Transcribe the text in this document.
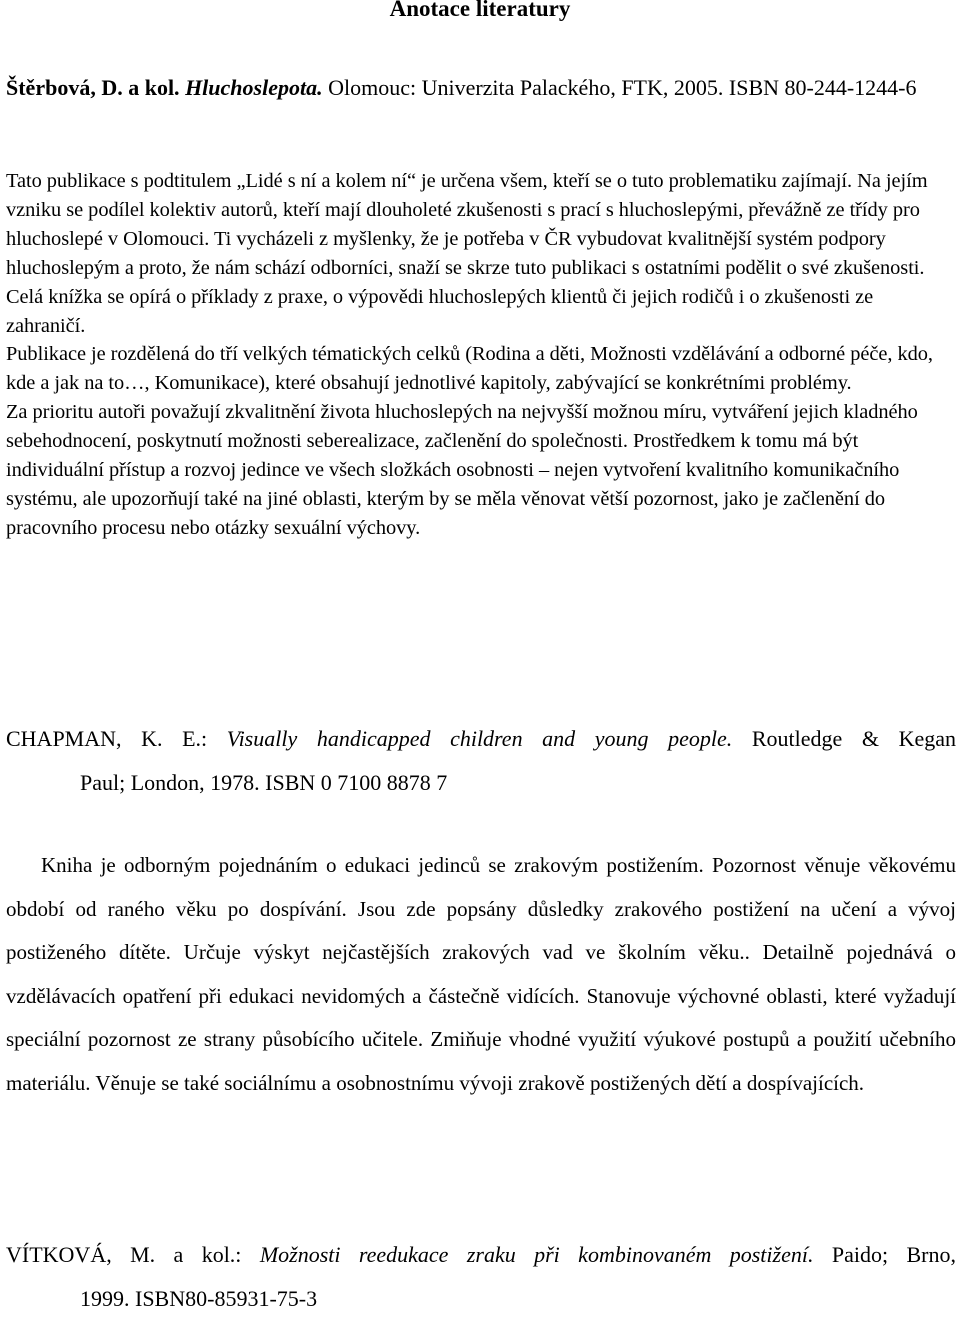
Anotace literatury
Štěrbová, D. a kol. Hluchoslepota. Olomouc: Univerzita Palackého, FTK, 2005. ISBN 80-244-1244-6

Tato publikace s podtitulem „Lidé s ní a kolem ní“ je určena všem, kteří se o tuto problematiku zajímají. Na jejím vzniku se podílel kolektiv autorů, kteří mají dlouholeté zkušenosti s prací s hluchoslepými, převážně ze třídy pro hluchoslepé v Olomouci. Ti vycházeli z myšlenky, že je potřeba v ČR vybudovat kvalitnější systém podpory hluchoslepým a proto, že nám schází odborníci, snaží se skrze tuto publikaci s ostatními podělit o své zkušenosti. Celá knížka se opírá o příklady z praxe, o výpovědi hluchoslepých klientů či jejich rodičů i o zkušenosti ze zahraničí.

Publikace je rozdělená do tří velkých tématických celků (Rodina a děti, Možnosti vzdělávání a odborné péče, kdo, kde a jak na to…, Komunikace), které obsahují jednotlivé kapitoly, zabývající se konkrétními problémy.

Za prioritu autoři považují zkvalitnění života hluchoslepých na nejvyšší možnou míru, vytváření jejich kladného sebehodnocení, poskytnutí možnosti seberealizace, začlenění do společnosti. Prostředkem k tomu má být individuální přístup a rozvoj jedince ve všech složkách osobnosti – nejen vytvoření kvalitního komunikačního systému, ale upozorňují také na jiné oblasti, kterým by se měla věnovat větší pozornost, jako je začlenění do pracovního procesu nebo otázky sexuální výchovy.

CHAPMAN, K. E.: Visually handicapped children and young people. Routledge & Kegan
Paul; London, 1978. ISBN 0 7100 8878 7
Kniha je odborným pojednáním o edukaci jedinců se zrakovým postižením. Pozornost věnuje věkovému období od raného věku po dospívání. Jsou zde popsány důsledky zrakového postižení na učení a vývoj postiženého dítěte. Určuje výskyt nejčastějších zrakových vad ve školním věku.. Detailně pojednává o vzdělávacích opatření při edukaci nevidomých a částečně vidících. Stanovuje výchovné oblasti, které vyžadují speciální pozornost ze strany působícího učitele. Zmiňuje vhodné využití výukové postupů a použití učebního materiálu. Věnuje se také sociálnímu a osobnostnímu vývoji zrakově postižených dětí a dospívajících.
VÍTKOVÁ, M. a kol.: Možnosti reedukace zraku při kombinovaném postižení. Paido; Brno,
1999. ISBN80-85931-75-3
